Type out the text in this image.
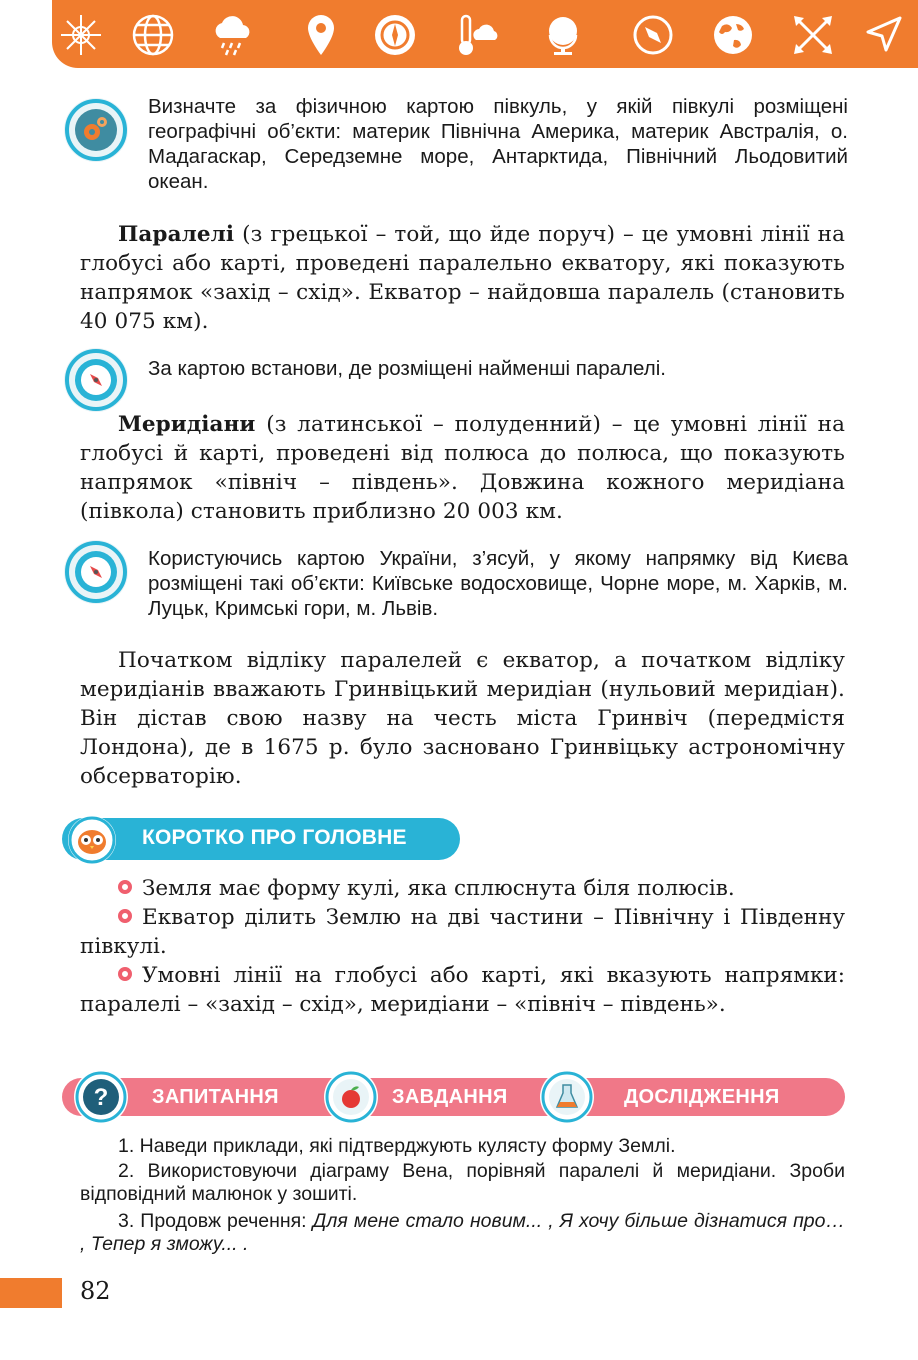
Визначте за фізичною картою півкуль, у якій півкулі розміщені географічні об’єкти: материк Північна Америка, материк Австралія, о. Мадагаскар, Середземне море, Антарктида, Північний Льодовитий океан.
Паралелі (з грецької – той, що йде поруч) – це умовні лінії на глобусі або карті, проведені паралельно екватору, які показують напрямок «захід – схід». Екватор – найдовша паралель (становить 40 075 км).
За картою встанови, де розміщені найменші паралелі.
Меридіани (з латинської – полуденний) – це умовні лінії на глобусі й карті, проведені від полюса до полюса, що показують напрямок «північ – південь». Довжина кожного меридіана (півкола) становить приблизно 20 003 км.
Користуючись картою України, з’ясуй, у якому напрямку від Києва розміщені такі об’єкти: Київське водосховище, Чорне море, м. Харків, м. Луцьк, Кримські гори, м. Львів.
Початком відліку паралелей є екватор, а початком відліку меридіанів вважають Гринвіцький меридіан (нульовий меридіан). Він дістав свою назву на честь міста Гринвіч (передмістя Лондона), де в 1675 р. було засновано Гринвіцьку астрономічну обсерваторію.
КОРОТКО ПРО ГОЛОВНЕ
Земля має форму кулі, яка сплюснута біля полюсів.
Екватор ділить Землю на дві частини – Північну і Південну півкулі.
Умовні лінії на глобусі або карті, які вказують напрямки: паралелі – «захід – схід», меридіани – «північ – південь».
? ЗАПИТАННЯ	ЗАВДАННЯ	ДОСЛІДЖЕННЯ
1. Наведи приклади, які підтверджують кулясту форму Землі.
2. Використовуючи діаграму Вена, порівняй паралелі й меридіани. Зроби відповідний малюнок у зошиті.
3. Продовж речення: Для мене стало новим... , Я хочу більше дізнатися про… , Тепер я зможу... .
82
